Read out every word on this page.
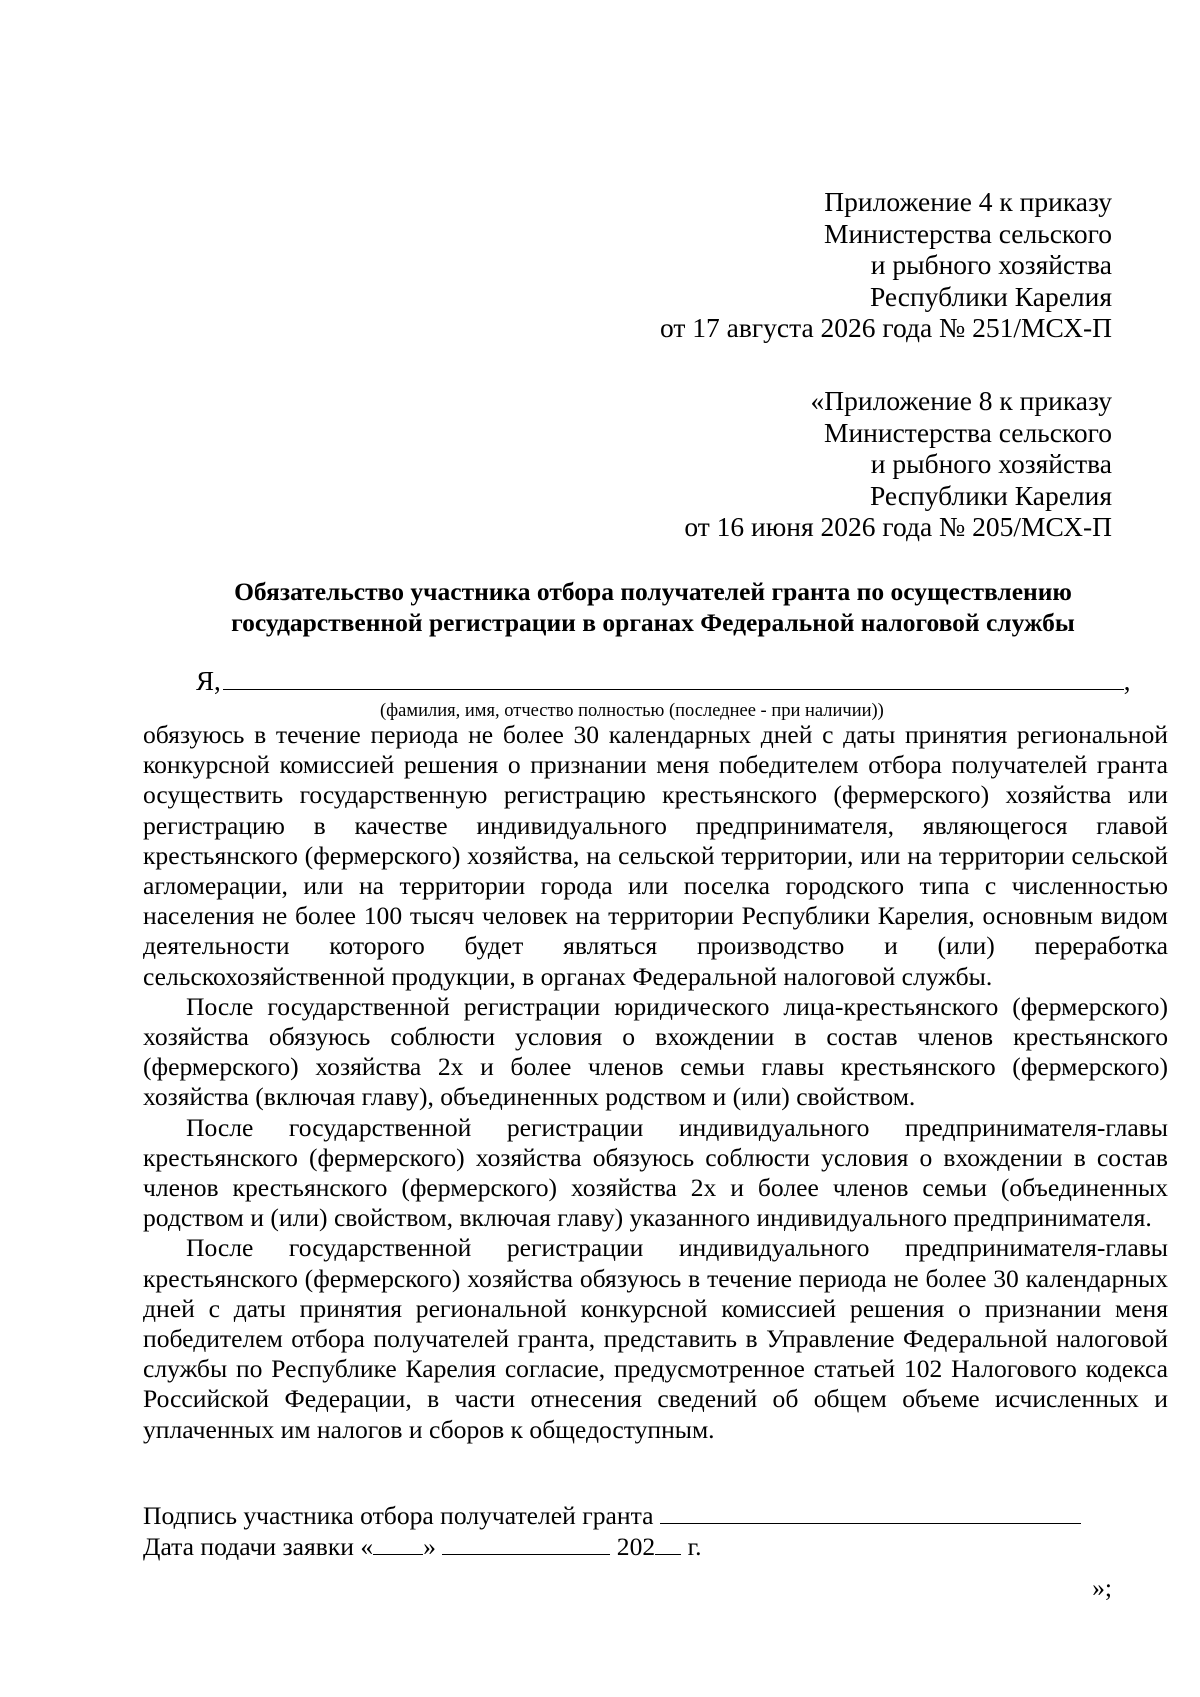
Приложение 4 к приказу
Министерства сельского
и рыбного хозяйства
Республики Карелия
от 17 августа 2026 года № 251/МСХ-П
«Приложение 8 к приказу
Министерства сельского
и рыбного хозяйства
Республики Карелия
от 16 июня 2026 года № 205/МСХ-П
Обязательство участника отбора получателей гранта по осуществлению
государственной регистрации в органах Федеральной налоговой службы
Я,	,
(фамилия, имя, отчество полностью (последнее - при наличии))

обязуюсь в течение периода не более 30 календарных дней с даты принятия региональной конкурсной комиссией решения о признании меня победителем отбора получателей гранта осуществить государственную регистрацию крестьянского (фермерского) хозяйства или регистрацию в качестве индивидуального предпринимателя, являющегося главой крестьянского (фермерского) хозяйства, на сельской территории, или на территории сельской агломерации, или на территории города или поселка городского типа с численностью населения не более 100 тысяч человек на территории Республики Карелия, основным видом деятельности которого будет являться производство и (или) переработка сельскохозяйственной продукции, в органах Федеральной налоговой службы.

После государственной регистрации юридического лица-крестьянского (фермерского) хозяйства обязуюсь соблюсти условия о вхождении в состав членов крестьянского (фермерского) хозяйства 2х и более членов семьи главы крестьянского (фермерского) хозяйства (включая главу), объединенных родством и (или) свойством.

После государственной регистрации индивидуального предпринимателя-главы крестьянского (фермерского) хозяйства обязуюсь соблюсти условия о вхождении в состав членов крестьянского (фермерского) хозяйства 2х и более членов семьи (объединенных родством и (или) свойством, включая главу) указанного индивидуального предпринимателя.

После государственной регистрации индивидуального предпринимателя-главы крестьянского (фермерского) хозяйства обязуюсь в течение периода не более 30 календарных дней с даты принятия региональной конкурсной комиссией решения о признании меня победителем отбора получателей гранта, представить в Управление Федеральной налоговой службы по Республике Карелия согласие, предусмотренное статьей 102 Налогового кодекса Российской Федерации, в части отнесения сведений об общем объеме исчисленных и уплаченных им налогов и сборов к общедоступным.

Подпись участника отбора получателей гранта
Дата подачи заявки « »	202 г.
»;
